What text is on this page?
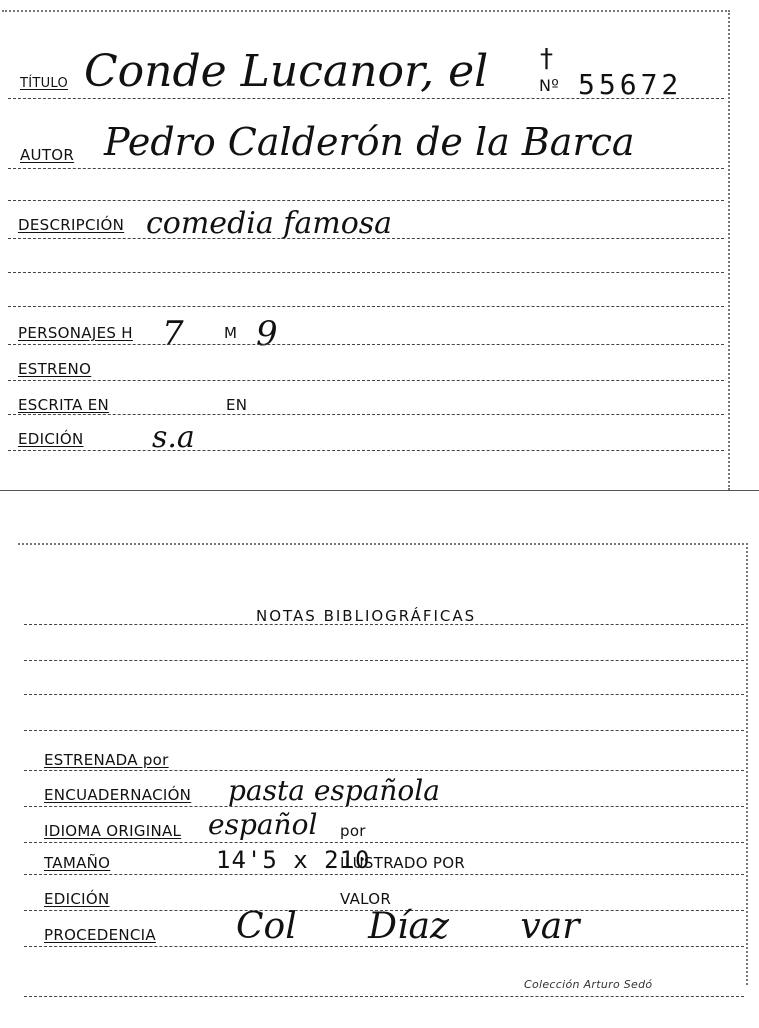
TÍTULO Conde Lucanor, el †
Nº 55672
AUTOR Pedro Calderón de la Barca
DESCRIPCIÓN comedia famosa
PERSONAJES H 7	M 9
ESTRENO
ESCRITA EN	EN
EDICIÓN s.a
NOTAS BIBLIOGRÁFICAS
ESTRENADA por
ENCUADERNACIÓN pasta española
IDIOMA ORIGINAL español por
TAMAÑO	14'5 x 210
ILUSTRADO POR
EDICIÓN	VALOR
PROCEDENCIA Col Díaz var
Colección Arturo Sedó
